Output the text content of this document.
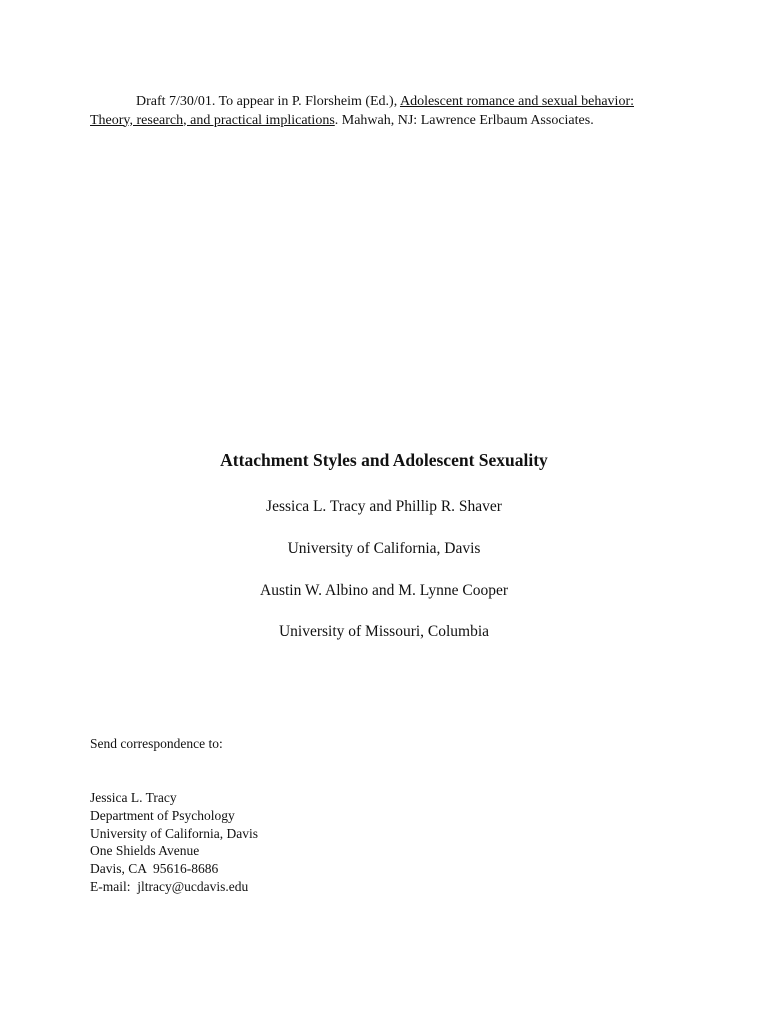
Draft 7/30/01. To appear in P. Florsheim (Ed.), Adolescent romance and sexual behavior: Theory, research, and practical implications. Mahwah, NJ: Lawrence Erlbaum Associates.
Attachment Styles and Adolescent Sexuality
Jessica L. Tracy and Phillip R. Shaver
University of California, Davis
Austin W. Albino and M. Lynne Cooper
University of Missouri, Columbia
Send correspondence to:
Jessica L. Tracy
Department of Psychology
University of California, Davis
One Shields Avenue
Davis, CA  95616-8686
E-mail:  jltracy@ucdavis.edu
